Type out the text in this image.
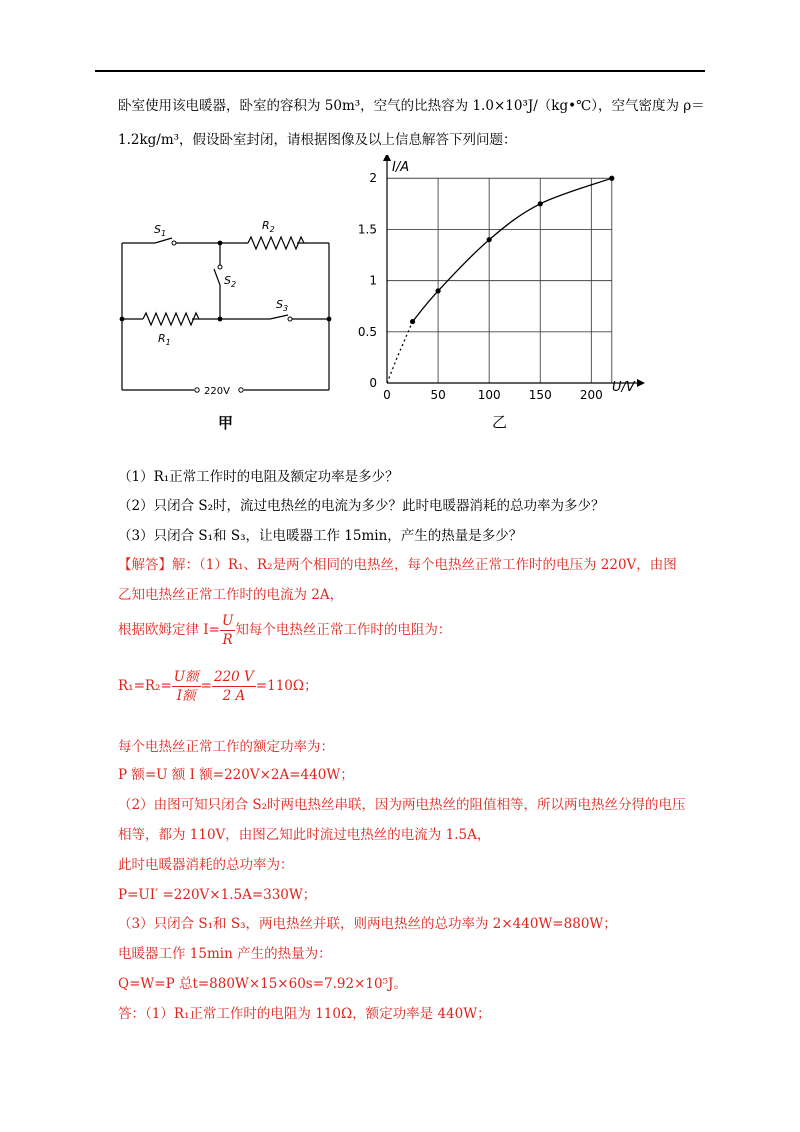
卧室使用该电暖器，卧室的容积为 50m³，空气的比热容为 1.0×10³J/（kg•℃），空气密度为 ρ＝
1.2kg/m³，假设卧室封闭，请根据图像及以上信息解答下列问题：
$S_1$
$R_2$
$S_2$
$S_3$
$R_1$
220V
甲
0	50	100 150 200
0
0.5
1
1.5
2
U/V
I/A
乙
（1）R₁正常工作时的电阻及额定功率是多少？
（2）只闭合 S₂时，流过电热丝的电流为多少？此时电暖器消耗的总功率为多少？
（3）只闭合 S₁和 S₃，让电暖器工作 15min，产生的热量是多少？
【解答】解：（1）R₁、R₂是两个相同的电热丝，每个电热丝正常工作时的电压为 220V，由图
乙知电热丝正常工作时的电流为 2A，
根据欧姆定律 $I= \frac{U}{R}$ 知每个电热丝正常工作时的电阻为：
$R_1=R_2= \frac{\text{U额}}{\text{I额}} = \frac{220 V}{2 A} =110\Omega$；
每个电热丝正常工作的额定功率为：
P 额=U 额 I 额=220V×2A=440W；
（2）由图可知只闭合 S₂时两电热丝串联，因为两电热丝的阻值相等，所以两电热丝分得的电压
相等，都为 110V，由图乙知此时流过电热丝的电流为 1.5A，
此时电暖器消耗的总功率为：
P=UI′ =220V×1.5A=330W；
（3）只闭合 S₁和 S₃，两电热丝并联，则两电热丝的总功率为 2×440W=880W；
电暖器工作 15min 产生的热量为：
Q=W=P 总t=880W×15×60s=7.92×10⁵J。
答：（1）R₁正常工作时的电阻为 110Ω，额定功率是 440W；
